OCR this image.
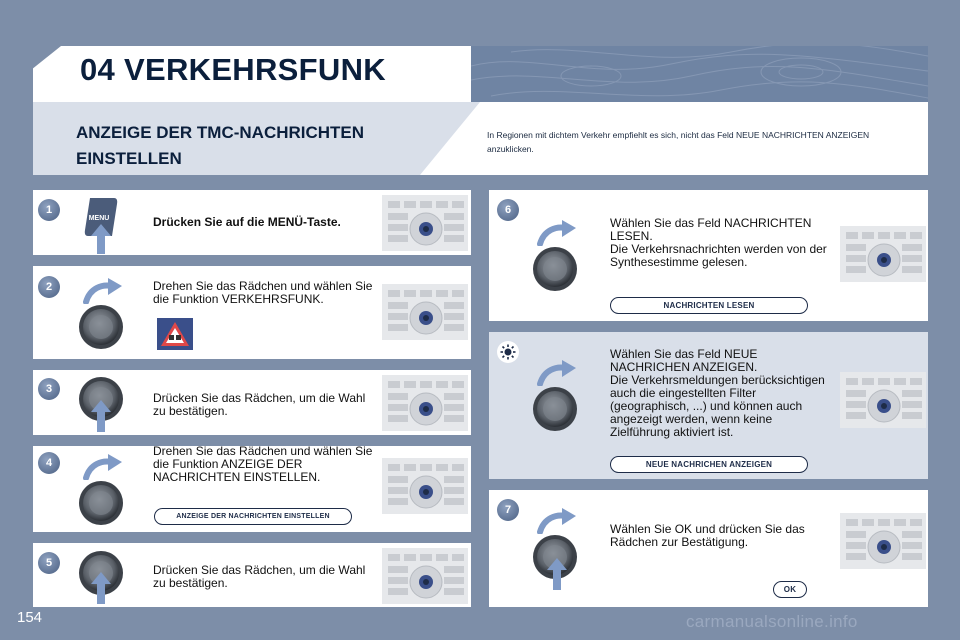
04 VERKEHRSFUNK
ANZEIGE DER TMC-NACHRICHTEN EINSTELLEN
In Regionen mit dichtem Verkehr empfiehlt es sich, nicht das Feld NEUE NACHRICHTEN ANZEIGEN anzuklicken.
1
MENU	Drücken Sie auf die MENÜ-Taste.
2	Drehen Sie das Rädchen und wählen Sie die Funktion VERKEHRSFUNK.
3
Drücken Sie das Rädchen, um die Wahl zu bestätigen.
4
Drehen Sie das Rädchen und wählen Sie die Funktion ANZEIGE DER NACHRICHTEN EINSTELLEN.
ANZEIGE DER NACHRICHTEN EINSTELLEN
5	Drücken Sie das Rädchen, um die Wahl zu bestätigen.
6
Wählen Sie das Feld NACHRICHTEN LESEN.
Die Verkehrsnachrichten werden von der Synthesestimme gelesen.
NACHRICHTEN LESEN
Wählen Sie das Feld NEUE NACHRICHEN ANZEIGEN.
Die Verkehrsmeldungen berücksichtigen auch die eingestellten Filter (geographisch, ...) und können auch angezeigt werden, wenn keine Zielführung aktiviert ist.
NEUE NACHRICHEN ANZEIGEN
7
Wählen Sie OK und drücken Sie das Rädchen zur Bestätigung.
OK
154	carmanualsonline.info
